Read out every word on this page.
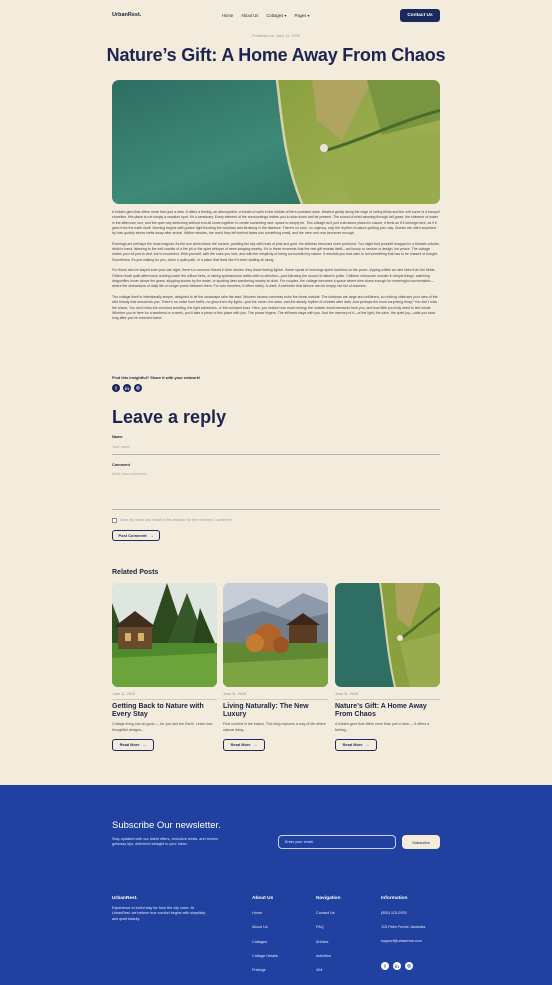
UrbanRest.	Home About Us Cottages ▾ Pages ▾	Contact Us
Published on: June 11, 2025
Nature’s Gift: A Home Away From Chaos

A hidden gem that offers more than just a view. It offers a feeling, an atmosphere, a breath of calm in the middle of life’s constant noise. Nestled gently along the edge of rolling fields and the soft curve of a tranquil shoreline, this place is not simply a vacation spot. It’s a sanctuary. Every element of the surroundings invites you to slow down and be present. The sound of wind weaving through tall grass, the shimmer of water in the afternoon sun, and the open sky stretching without end all come together to create something rare: space to simply be. This cottage isn’t just a structure placed in nature; it feels as if it belongs here, as if it grew from the earth itself. Morning begins with golden light flooding the windows and birdsong in the distance. There’s no rush, no urgency, only the rhythm of nature guiding your day. Guests are often surprised by how quickly stress melts away after arrival. Within minutes, the world they left behind fades into something small, and the here and now becomes enough.

Evenings are perhaps the most magical. As the sun sinks below the horizon, painting the sky with hues of pink and gold, the stillness becomes more profound. You might find yourself wrapped in a blanket outside, drink in hand, listening to the soft crackle of a fire pit or the quiet whisper of trees swaying nearby. It’s in these moments that the real gift reveals itself—not luxury or service or design, but peace. The cottage invites you not just to visit, but to reconnect. With yourself, with the ones you love, and with the simplicity of being surrounded by nature. It reminds you that calm is not something that has to be chased or bought. Sometimes, it’s just waiting for you, down a quiet path, in a place that feels like it’s been waiting all along.

For those who've stayed even just one night, there’s a common thread in their stories: they leave feeling lighter. Some speak of mornings spent barefoot on the porch, sipping coffee as mist rises from the fields. Others recall quiet afternoons reading under the willow trees, or taking spontaneous walks with no direction—just following the sound of nature’s pulse. Children rediscover wonder in simple things: watching dragonflies hover above the grass, skipping stones by the water, or spotting deer wandering nearby at dusk. For couples, the cottage becomes a space where time slows enough for meaningful conversation—where the distractions of daily life no longer press between them. For solo travelers, it offers clarity. A reset. A reminder that silence can be empty, but full of answers.

The cottage itself is intentionally simple, designed to let the landscape take the lead. Wooden beams overhead echo the forest outside. The windows are large and unfiltered, so nothing obstructs your view of the wild beauty that surrounds you. There’s no noise from traffic, no glow from city lights—just the moon, the stars, and the steady rhythm of crickets after dark. And perhaps the most surprising thing? You don’t miss the chaos. You don’t miss the constant scrolling, the tight schedules, or the constant buzz. Here, you realize how much energy the outside world demands from you, and how little you truly need to feel whole. Whether you’re here for a weekend or a week, you’ll take a piece of this place with you. The peace lingers. The stillness stays with you. And the memory of it—of the light, the calm, the quiet joy—calls you back long after you’ve returned home.

Find this insightful? Share it with your network!
f	in	◎
Leave a reply
Name
Your name
Comment
Write your comment...
Save my name and email in this browser for the next time I comment.
Post Comment →
Related Posts
June 11, 2025
Getting Back to Nature with Every Stay
Cottage living can do good — for you and the Earth. Learn how thoughtful designs...
Read More →
June 11, 2025
Living Naturally: The New Luxury
Find comfort in the basics. This blog explores a way of life where natural living...
Read More →
June 11, 2025
Nature’s Gift: A Home Away From Chaos
A hidden gem that offers more than just a view — it offers a feeling...
Read More →
Subscribe Our newsletter.
Stay updated with our latest offers, exclusive deals, and serene getaway tips, delivered straight to your inbox.
Enter your email	Subscribe
UrbanRest.
Experience a restful stay far from the city noise. At UrbanRest, we believe true comfort begins with simplicity and quiet beauty.
About Us
Home
About Us
Cottages
Cottage Details
Pricings
Navigation
Contact Us
FAQ
Articles
Activities
404
Information
(555) 115-2920
115 Palm Forest, Australia
support@urbanrest.com
f	in	◎
